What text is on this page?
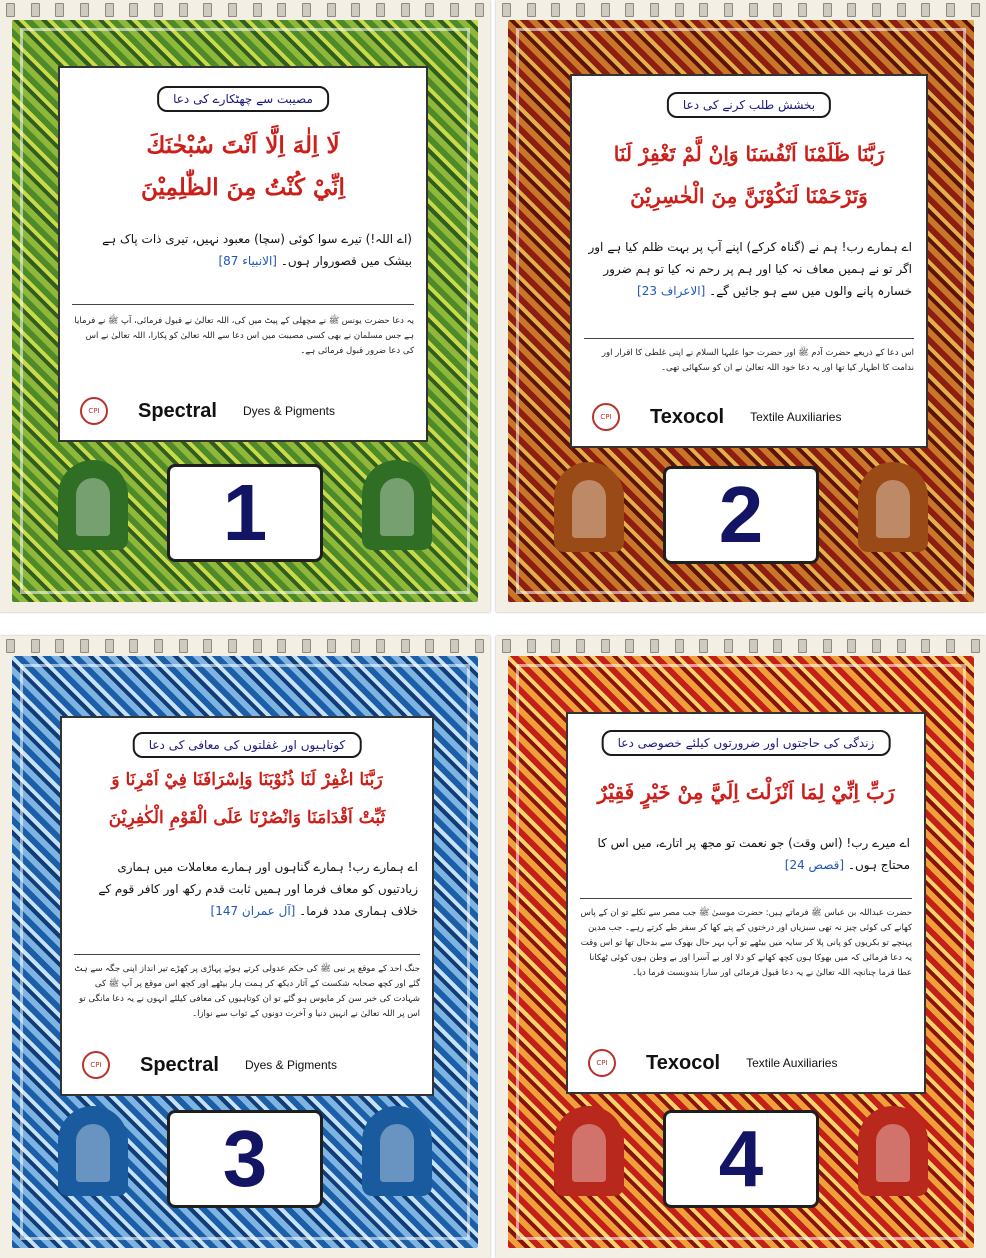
مصیبت سے چھٹکارے کی دعا
لَا اِلٰهَ اِلَّا اَنْتَ سُبْحٰنَكَ
اِنِّيْ كُنْتُ مِنَ الظّٰلِمِيْنَ
(اے اللہ!) تیرے سوا کوئی (سچا) معبود نہیں، تیری ذات پاک ہے بیشک میں قصوروار ہوں۔ [الانبیاء 87]
یہ دعا حضرت یونس ﷺ نے مچھلی کے پیٹ میں کی، اللہ تعالیٰ نے قبول فرمائی، آپ ﷺ نے فرمایا ہے جس مسلمان نے بھی کسی مصیبت میں اس دعا سے اللہ تعالیٰ کو پکارا، اللہ تعالیٰ نے اس کی دعا ضرور قبول فرمائی ہے۔
CPI	Spectral Dyes & Pigments
1
بخشش طلب کرنے کی دعا
رَبَّنَا ظَلَمْنَا اَنْفُسَنَا وَاِنْ لَّمْ تَغْفِرْ لَنَا
وَتَرْحَمْنَا لَنَكُوْنَنَّ مِنَ الْخٰسِرِيْنَ
اے ہمارے رب! ہم نے (گناہ کرکے) اپنے آپ پر بہت ظلم کیا ہے اور اگر تو نے ہمیں معاف نہ کیا اور ہم پر رحم نہ کیا تو ہم ضرور خسارہ پانے والوں میں سے ہو جائیں گے۔ [الاعراف 23]
اس دعا کے ذریعے حضرت آدم ﷺ اور حضرت حوا علیہا السلام نے اپنی غلطی کا اقرار اور ندامت کا اظہار کیا تھا اور یہ دعا خود اللہ تعالیٰ نے ان کو سکھائی تھی۔
CPI	Texocol Textile Auxiliaries
2
کوتاہیوں اور غفلتوں کی معافی کی دعا
رَبَّنَا اغْفِرْ لَنَا ذُنُوْبَنَا وَاِسْرَافَنَا فِيْ اَمْرِنَا وَ
ثَبِّتْ اَقْدَامَنَا وَانْصُرْنَا عَلَى الْقَوْمِ الْكٰفِرِيْنَ
اے ہمارے رب! ہمارے گناہوں اور ہمارے معاملات میں ہماری زیادتیوں کو معاف فرما اور ہمیں ثابت قدم رکھ اور کافر قوم کے خلاف ہماری مدد فرما۔ [آل عمران 147]
جنگ احد کے موقع پر نبی ﷺ کی حکم عدولی کرتے ہوئے پہاڑی پر کھڑے تیر انداز اپنی جگہ سے ہٹ گئے اور کچھ صحابہ شکست کے آثار دیکھ کر ہمت ہار بیٹھے اور کچھ اس موقع پر آپ ﷺ کی شہادت کی خبر سن کر مایوس ہو گئے تو ان کوتاہیوں کی معافی کیلئے انہوں نے یہ دعا مانگی تو اس پر اللہ تعالیٰ نے انہیں دنیا و آخرت دونوں کے ثواب سے نوازا۔
CPI	Spectral Dyes & Pigments
3
زندگی کی حاجتوں اور ضرورتوں کیلئے خصوصی دعا
رَبِّ اِنِّيْ لِمَا اَنْزَلْتَ اِلَيَّ مِنْ خَيْرٍ فَقِيْرٌ
اے میرے رب! (اس وقت) جو نعمت تو مجھ پر اتارے، میں اس کا محتاج ہوں۔ [قصص 24]
حضرت عبداللہ بن عباس ﷺ فرماتے ہیں: حضرت موسیٰ ﷺ جب مصر سے نکلے تو ان کے پاس کھانے کی کوئی چیز نہ تھی سبزیاں اور درختوں کے پتے کھا کر سفر طے کرتے رہے۔ جب مدین پہنچے تو بکریوں کو پانی پلا کر سایہ میں بیٹھے تو آپ بہر حال بھوک سے بدحال تھا تو اس وقت یہ دعا فرمائی کہ میں بھوکا ہوں کچھ کھانے کو دلا اور بے آسرا اور بے وطن ہوں کوئی ٹھکانا عطا فرما چنانچہ اللہ تعالیٰ نے یہ دعا قبول فرمائی اور سارا بندوبست فرما دیا۔
CPI	Texocol Textile Auxiliaries
4
